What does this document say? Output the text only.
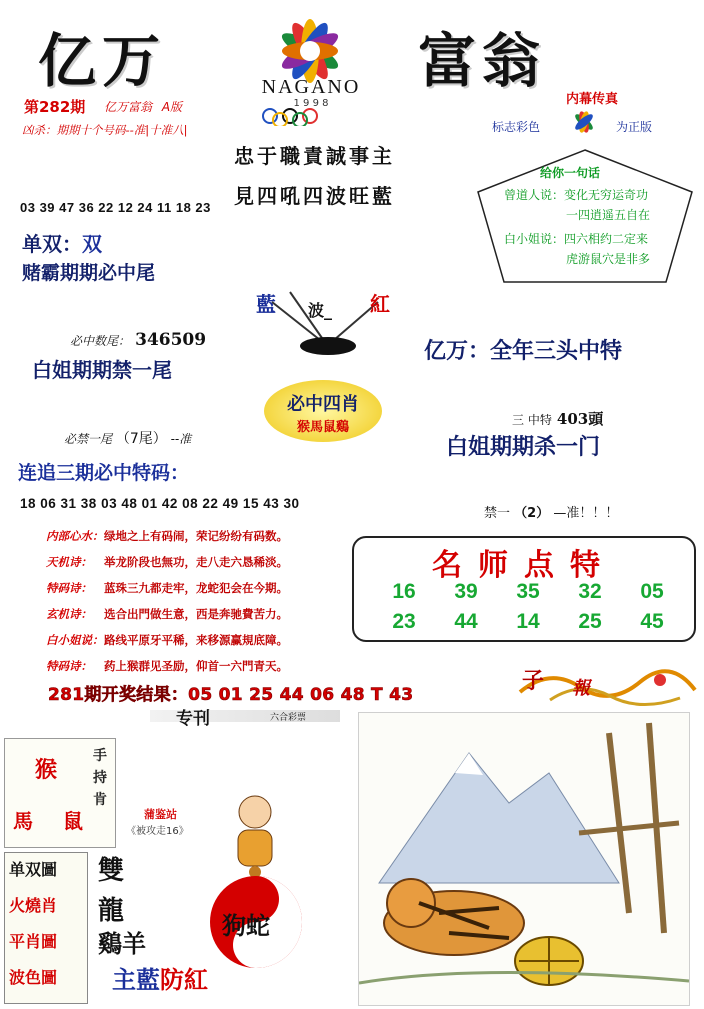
亿万	富翁
NAGANO
1 9 9 8
第282期 亿万富翁 A版
凶杀：期期十个号码--准|十准八|
03 39 47 36 22 12 24 11 18 23
单双：双
赌霸期期必中尾
忠于職責誠事主
見四吼四波旺藍
藍 波_ 紅
必中数尾： 346509
白姐期期禁一尾
必中四肖
猴馬鼠鷄
必禁一尾 （7尾） --准
连追三期必中特码：
18 06 31 38 03 48 01 42 08 22 49 15 43 30
内幕传真
标志彩色	为正版
给你一句话
曾道人说：变化无穷运奇功
一四逍遥五自在
白小姐说：四六相约二定来
虎游鼠穴是非多
亿万：全年三头中特
三 中特 403頭
白姐期期杀一门
禁一 （2） —准！！！
内部心水：绿地之上有码闹，荣记纷纷有码数。
天机诗： 举龙阶段也無功，走八走六恳稀淡。
特码诗： 蓝珠三九都走牢，龙蛇犯会在今期。
玄机诗： 选合出門做生意，西是奔驰費苦力。
白小姐说：路线平原牙平稀，来移源赢規底障。
特码诗： 药上猴群见圣励，仰首一六門青天。
名师点特
16	39	35	32	05
23	44	14	25	45
281期开奖结果：05 01 25 44 06 48 T 43
子 報
专刊	六合彩票
猴
馬 鼠
手持肯
蒲鉴站
《被攻走16》
单双圖
火燒肖
平肖圖
波色圖
雙
龍
鷄羊
主藍防紅
狗蛇
